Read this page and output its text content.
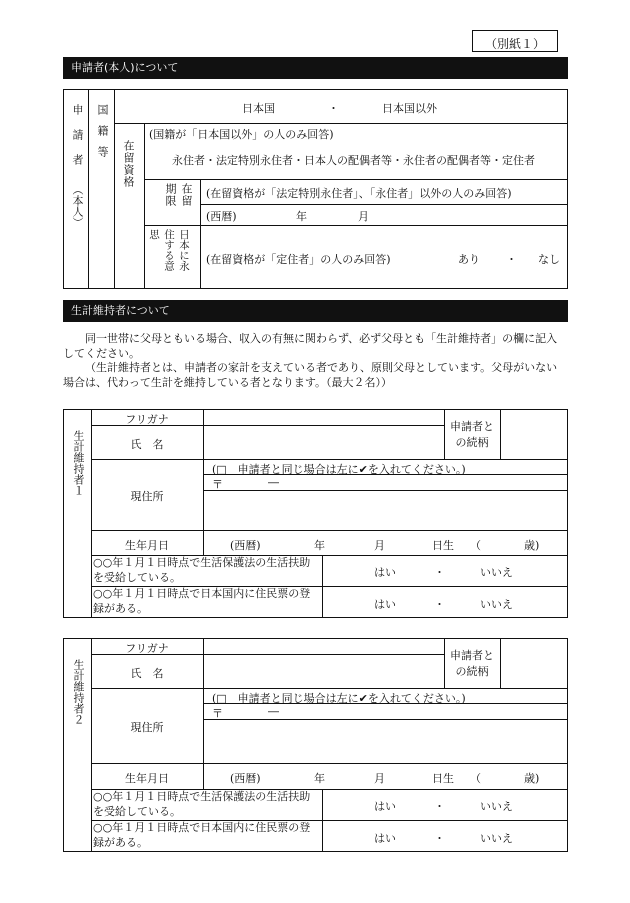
（別紙１）
申請者(本人)について
申請者
（本人）
国籍等	日本国	・	日本国以外
在留資格
(国籍が「日本国以外」の人のみ回答)
永住者・法定特別永住者・日本人の配偶者等・永住者の配偶者等・定住者
在留期限	(在留資格が「法定特別永住者」、「永住者」以外の人のみ回答)
(西暦)	年	月
日本に永住する意思
(在留資格が「定住者」の人のみ回答)	あり ・ なし
生計維持者について
同一世帯に父母ともいる場合、収入の有無に関わらず、必ず父母とも「生計維持者」の欄に記入してください。
（生計維持者とは、申請者の家計を支えている者であり、原則父母としています。父母がいない場合は、代わって生計を維持している者となります。（最大２名））
生計維持者１
フリガナ
氏　名
申請者との続柄
現住所
(□　申請者と同じ場合は左に✔を入れてください。)
〒	―
生年月日	(西暦)	年	月	日生 （	歳)
○○年１月１日時点で生活保護法の生活扶助を受給している。	はい	・	いいえ
○○年１月１日時点で日本国内に住民票の登録がある。	はい	・	いいえ
生計維持者２
フリガナ
氏　名
申請者との続柄
現住所
(□　申請者と同じ場合は左に✔を入れてください。)
〒	―
生年月日	(西暦)	年	月	日生 （	歳)
○○年１月１日時点で生活保護法の生活扶助を受給している。	はい	・	いいえ
○○年１月１日時点で日本国内に住民票の登録がある。	はい	・	いいえ
